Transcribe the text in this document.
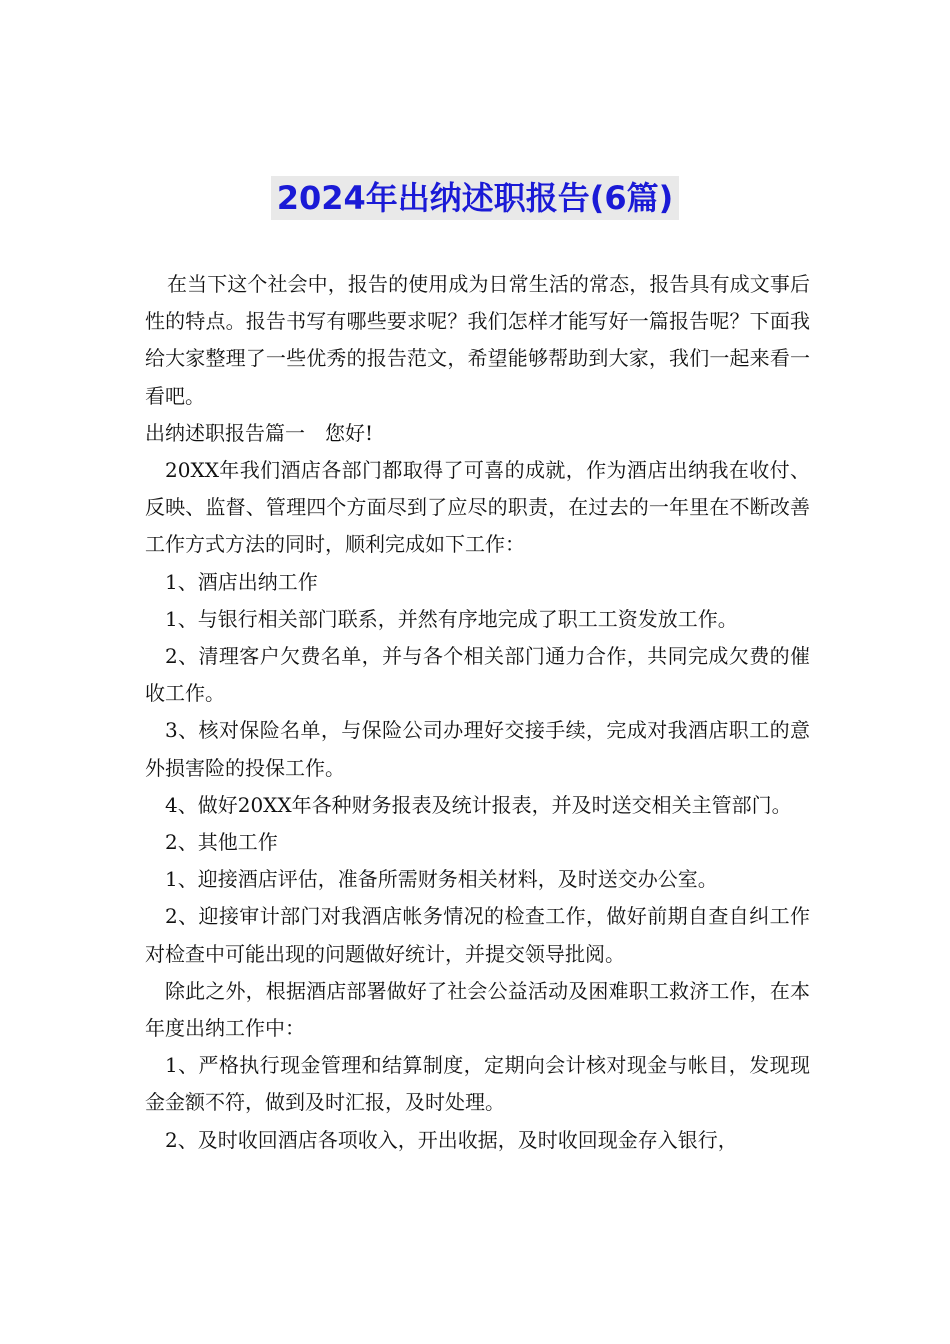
2024年出纳述职报告(6篇)

在当下这个社会中，报告的使用成为日常生活的常态，报告具有成文事后性的特点。报告书写有哪些要求呢？我们怎样才能写好一篇报告呢？下面我给大家整理了一些优秀的报告范文，希望能够帮助到大家，我们一起来看一看吧。

出纳述职报告篇一　您好!

20XX年我们酒店各部门都取得了可喜的成就，作为酒店出纳我在收付、反映、监督、管理四个方面尽到了应尽的职责，在过去的一年里在不断改善工作方式方法的同时，顺利完成如下工作：

1、酒店出纳工作

1、与银行相关部门联系，并然有序地完成了职工工资发放工作。

2、清理客户欠费名单，并与各个相关部门通力合作，共同完成欠费的催收工作。

3、核对保险名单，与保险公司办理好交接手续，完成对我酒店职工的意外损害险的投保工作。

4、做好20XX年各种财务报表及统计报表，并及时送交相关主管部门。

2、其他工作

1、迎接酒店评估，准备所需财务相关材料，及时送交办公室。

2、迎接审计部门对我酒店帐务情况的检查工作，做好前期自查自纠工作对检查中可能出现的问题做好统计，并提交领导批阅。

除此之外，根据酒店部署做好了社会公益活动及困难职工救济工作，在本年度出纳工作中：

1、严格执行现金管理和结算制度，定期向会计核对现金与帐目，发现现金金额不符，做到及时汇报，及时处理。

2、及时收回酒店各项收入，开出收据，及时收回现金存入银行，
